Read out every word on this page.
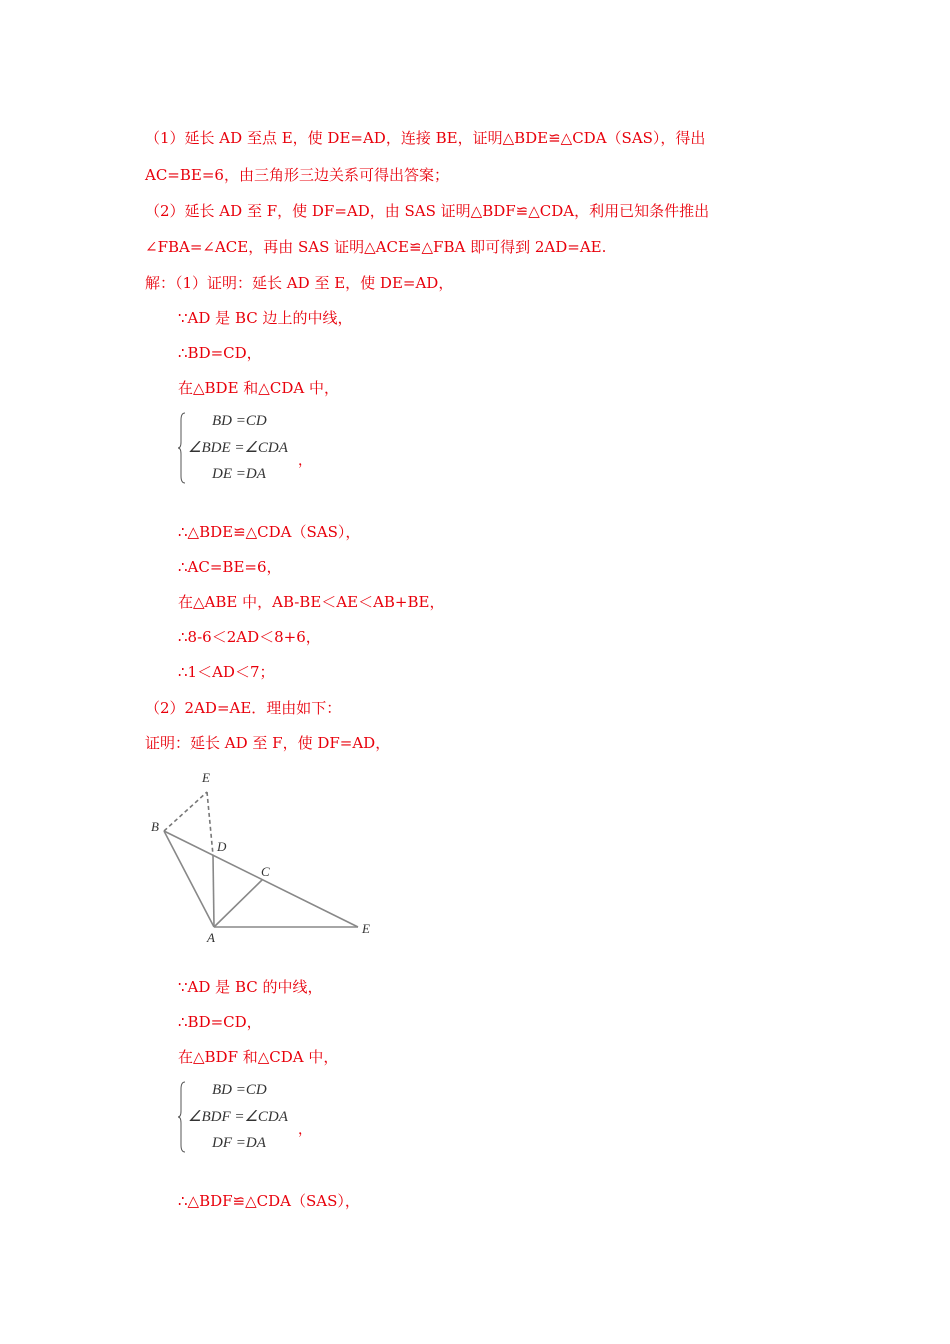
（1）延长 AD 至点 E，使 DE=AD，连接 BE，证明△BDE≌△CDA（SAS），得出
AC=BE=6，由三角形三边关系可得出答案；
（2）延长 AD 至 F，使 DF=AD，由 SAS 证明△BDF≌△CDA，利用已知条件推出
∠FBA=∠ACE，再由 SAS 证明△ACE≌△FBA 即可得到 2AD=AE.
解：（1）证明：延长 AD 至 E，使 DE=AD，
∵AD 是 BC 边上的中线，
∴BD=CD，
在△BDE 和△CDA 中，
BD =CD
∠BDE =∠CDA
DE =DA
，
∴△BDE≌△CDA（SAS），
∴AC=BE=6，
在△ABE 中，AB-BE＜AE＜AB+BE，
∴8-6＜2AD＜8+6，
∴1＜AD＜7；
（2）2AD=AE．理由如下：
证明：延长 AD 至 F，使 DF=AD，
E
B
D
C
A
E
∵AD 是 BC 的中线，
∴BD=CD，
在△BDF 和△CDA 中，
BD =CD
∠BDF =∠CDA
DF =DA
，
∴△BDF≌△CDA（SAS），
